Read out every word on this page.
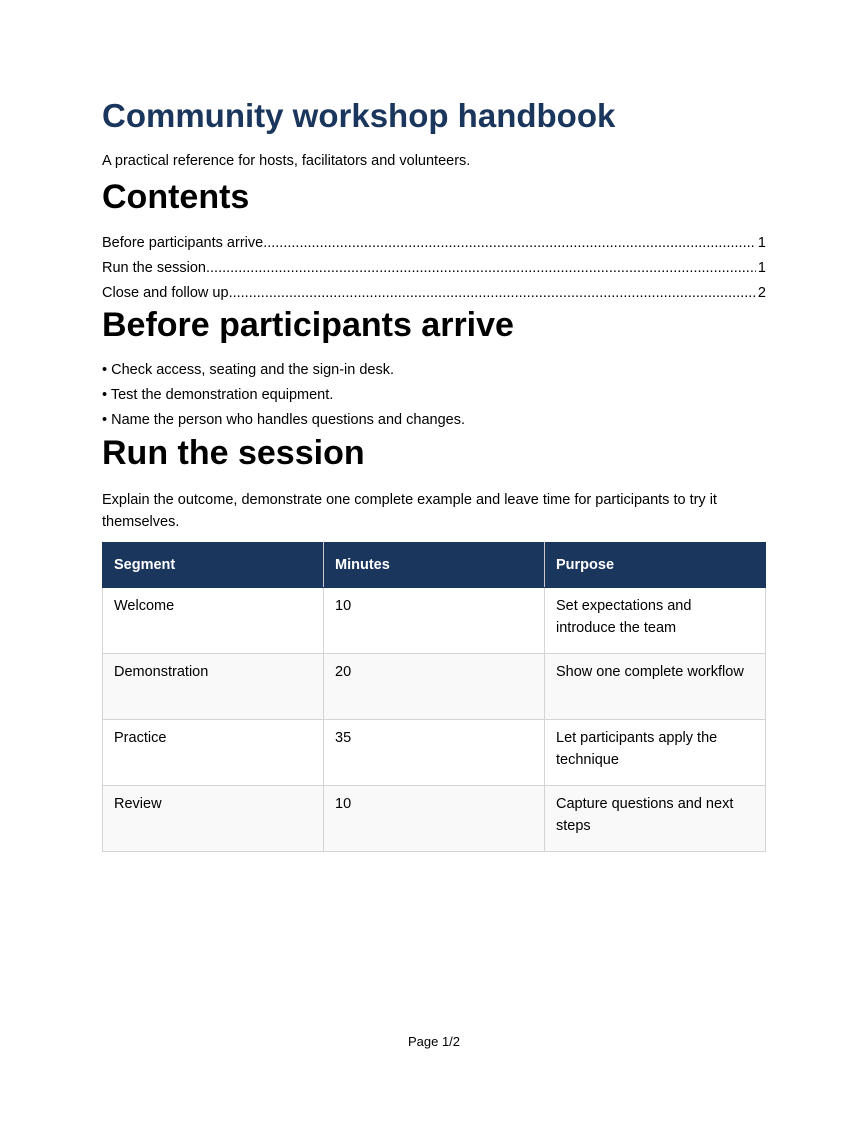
Community workshop handbook
A practical reference for hosts, facilitators and volunteers.
Contents
Before participants arrive .....	1
Run the session .....	1
Close and follow up .....	2
Before participants arrive
• Check access, seating and the sign-in desk.
• Test the demonstration equipment.
• Name the person who handles questions and changes.
Run the session
Explain the outcome, demonstrate one complete example and leave time for participants to try it themselves.
Segment	Minutes	Purpose
Welcome	10	Set expectations and introduce the team
Demonstration	20	Show one complete workflow
Practice	35	Let participants apply the technique
Review	10	Capture questions and next steps
Page 1/2
